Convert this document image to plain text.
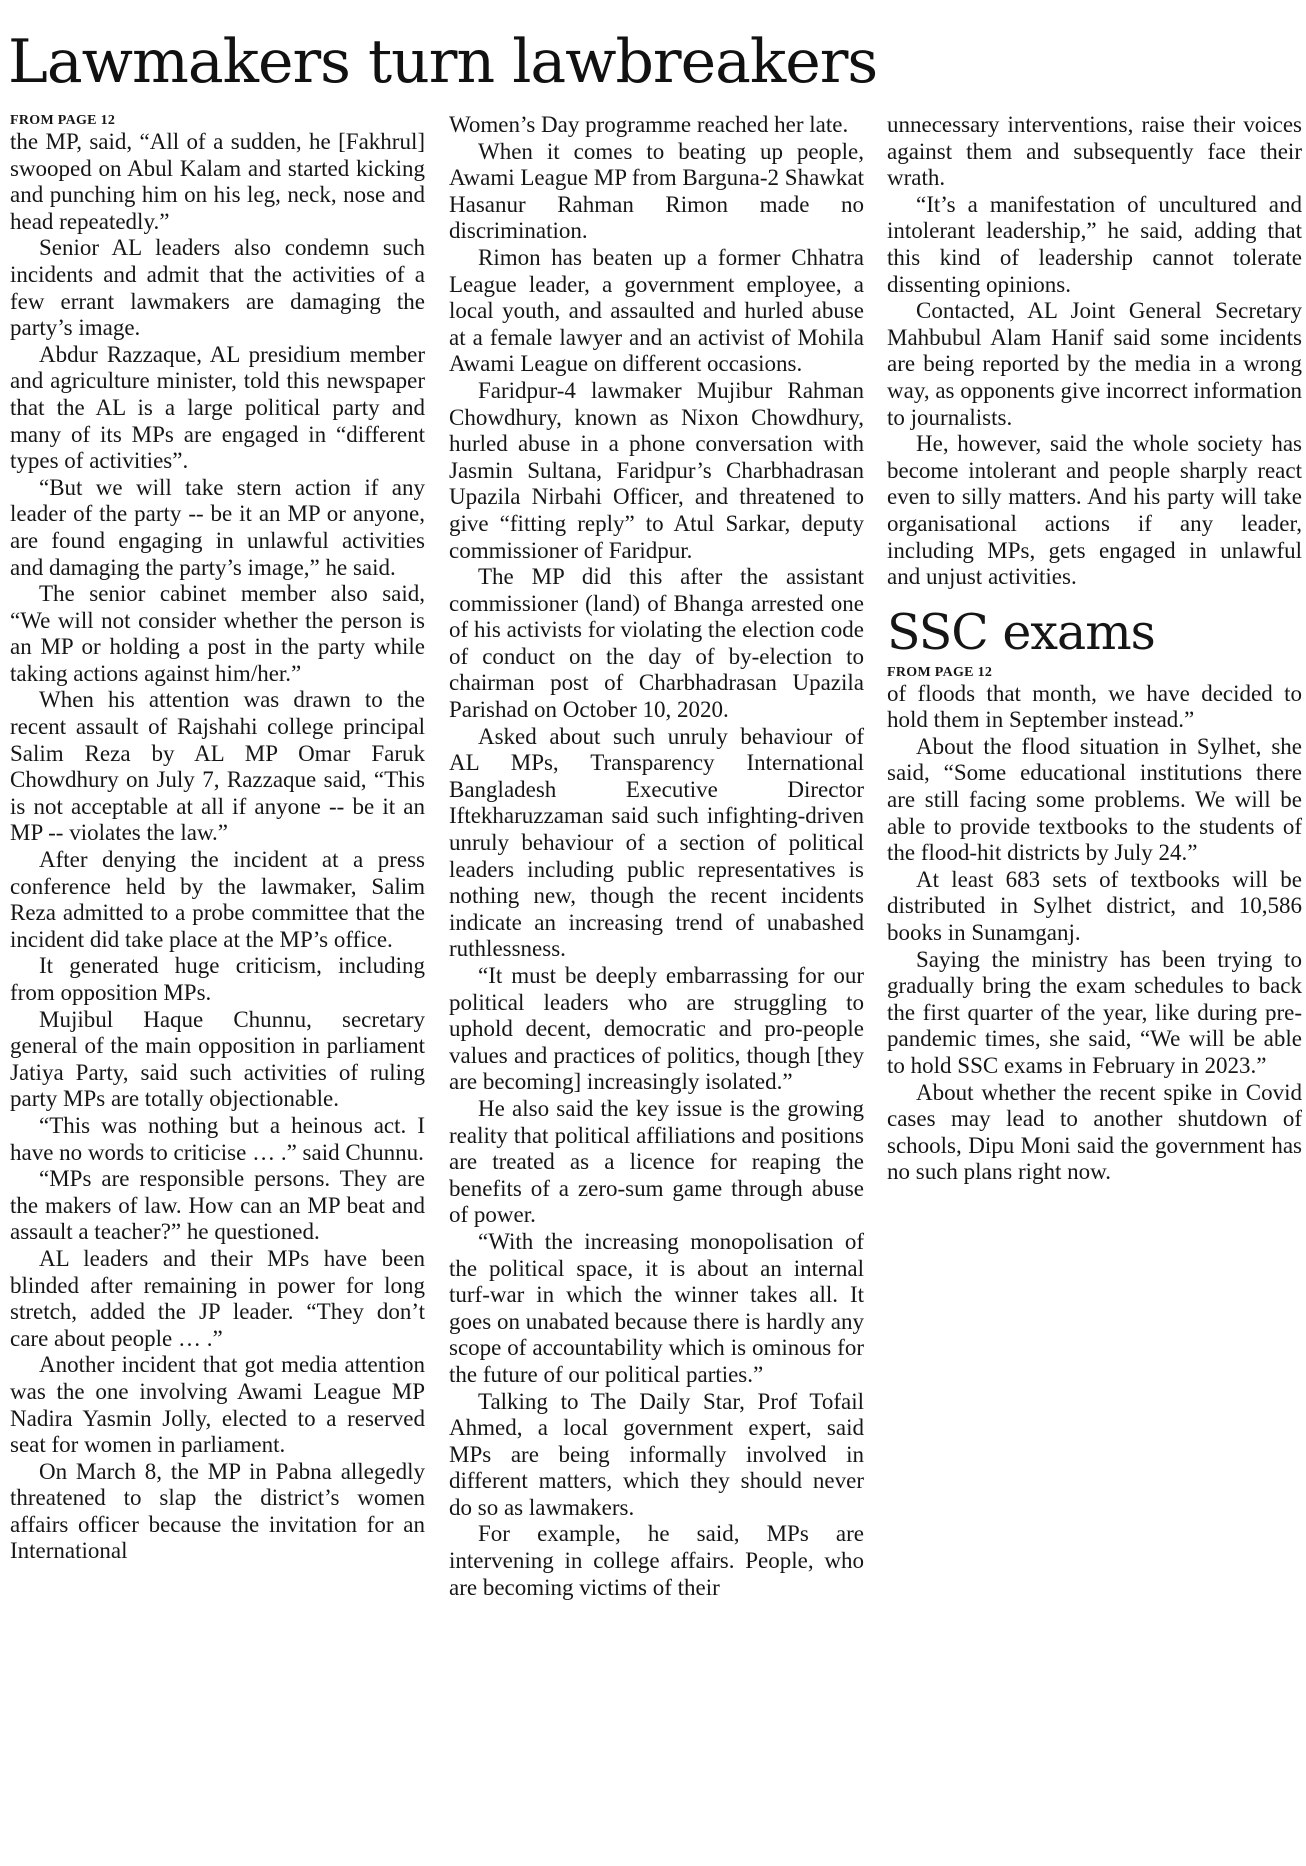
Lawmakers turn lawbreakers
FROM PAGE 12

the MP, said, “All of a sudden, he [Fakhrul] swooped on Abul Kalam and started kicking and punching him on his leg, neck, nose and head repeatedly.”

Senior AL leaders also condemn such incidents and admit that the activities of a few errant lawmakers are damaging the party’s image.

Abdur Razzaque, AL presidium member and agriculture minister, told this newspaper that the AL is a large political party and many of its MPs are engaged in “different types of activities”.

“But we will take stern action if any leader of the party -- be it an MP or anyone, are found engaging in unlawful activities and damaging the party’s image,” he said.

The senior cabinet member also said, “We will not consider whether the person is an MP or holding a post in the party while taking actions against him/her.”

When his attention was drawn to the recent assault of Rajshahi college principal Salim Reza by AL MP Omar Faruk Chowdhury on July 7, Razzaque said, “This is not acceptable at all if anyone -- be it an MP -- violates the law.”

After denying the incident at a press conference held by the lawmaker, Salim Reza admitted to a probe committee that the incident did take place at the MP’s office.

It generated huge criticism, including from opposition MPs.

Mujibul Haque Chunnu, secretary general of the main opposition in parliament Jatiya Party, said such activities of ruling party MPs are totally objectionable.

“This was nothing but a heinous act. I have no words to criticise … .” said Chunnu.

“MPs are responsible persons. They are the makers of law. How can an MP beat and assault a teacher?” he questioned.

AL leaders and their MPs have been blinded after remaining in power for long stretch, added the JP leader. “They don’t care about people … .”

Another incident that got media attention was the one involving Awami League MP Nadira Yasmin Jolly, elected to a reserved seat for women in parliament.

On March 8, the MP in Pabna allegedly threatened to slap the district’s women affairs officer because the invitation for an International

Women’s Day programme reached her late.

When it comes to beating up people, Awami League MP from Barguna-2 Shawkat Hasanur Rahman Rimon made no discrimination.

Rimon has beaten up a former Chhatra League leader, a government employee, a local youth, and assaulted and hurled abuse at a female lawyer and an activist of Mohila Awami League on different occasions.

Faridpur-4 lawmaker Mujibur Rahman Chowdhury, known as Nixon Chowdhury, hurled abuse in a phone conversation with Jasmin Sultana, Faridpur’s Charbhadrasan Upazila Nirbahi Officer, and threatened to give “fitting reply” to Atul Sarkar, deputy commissioner of Faridpur.

The MP did this after the assistant commissioner (land) of Bhanga arrested one of his activists for violating the election code of conduct on the day of by-election to chairman post of Charbhadrasan Upazila Parishad on October 10, 2020.

Asked about such unruly behaviour of AL MPs, Transparency International Bangladesh Executive Director Iftekharuzzaman said such infighting-driven unruly behaviour of a section of political leaders including public representatives is nothing new, though the recent incidents indicate an increasing trend of unabashed ruthlessness.

“It must be deeply embarrassing for our political leaders who are struggling to uphold decent, democratic and pro-people values and practices of politics, though [they are becoming] increasingly isolated.”

He also said the key issue is the growing reality that political affiliations and positions are treated as a licence for reaping the benefits of a zero-sum game through abuse of power.

“With the increasing monopolisation of the political space, it is about an internal turf-war in which the winner takes all. It goes on unabated because there is hardly any scope of accountability which is ominous for the future of our political parties.”

Talking to The Daily Star, Prof Tofail Ahmed, a local government expert, said MPs are being informally involved in different matters, which they should never do so as lawmakers.

For example, he said, MPs are intervening in college affairs. People, who are becoming victims of their

unnecessary interventions, raise their voices against them and subsequently face their wrath.

“It’s a manifestation of uncultured and intolerant leadership,” he said, adding that this kind of leadership cannot tolerate dissenting opinions.

Contacted, AL Joint General Secretary Mahbubul Alam Hanif said some incidents are being reported by the media in a wrong way, as opponents give incorrect information to journalists.

He, however, said the whole society has become intolerant and people sharply react even to silly matters. And his party will take organisational actions if any leader, including MPs, gets engaged in unlawful and unjust activities.

SSC exams
FROM PAGE 12

of floods that month, we have decided to hold them in September instead.”

About the flood situation in Sylhet, she said, “Some educational institutions there are still facing some problems. We will be able to provide textbooks to the students of the flood-hit districts by July 24.”

At least 683 sets of textbooks will be distributed in Sylhet district, and 10,586 books in Sunamganj.

Saying the ministry has been trying to gradually bring the exam schedules to back the first quarter of the year, like during pre-pandemic times, she said, “We will be able to hold SSC exams in February in 2023.”

About whether the recent spike in Covid cases may lead to another shutdown of schools, Dipu Moni said the government has no such plans right now.
